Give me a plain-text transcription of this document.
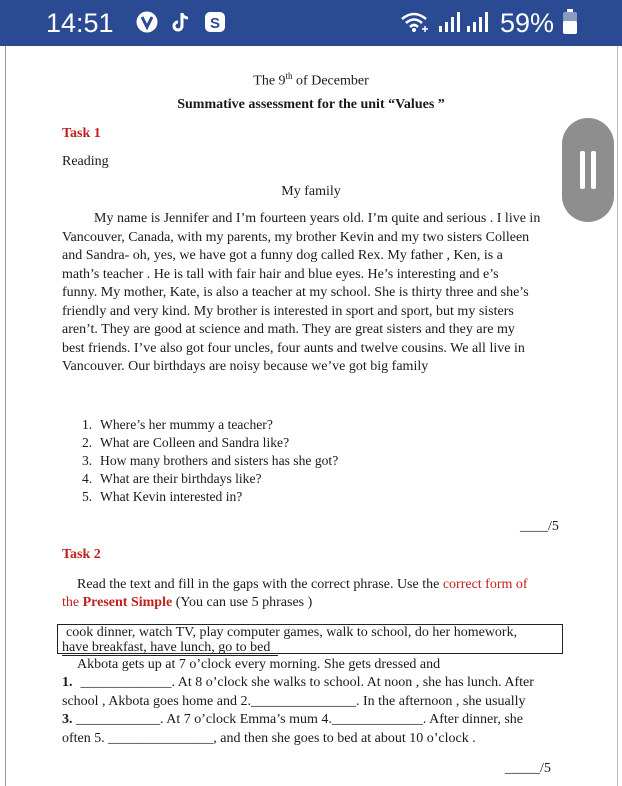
14:51	S	59%
The 9th of December
Summative assessment for the unit “Values ”
Task 1
Reading
My family
My name is Jennifer and I’m fourteen years old. I’m quite and serious . I live in
Vancouver, Canada, with my parents, my brother Kevin and my two sisters Colleen
and Sandra- oh, yes, we have got a funny dog called Rex. My father , Ken, is a
math’s teacher . He is tall with fair hair and blue eyes. He’s interesting and e’s
funny. My mother, Kate, is also a teacher at my school. She is thirty three and she’s
friendly and very kind. My brother is interested in sport and sport, but my sisters
aren’t. They are good at science and math. They are great sisters and they are my
best friends. I’ve also got four uncles, four aunts and twelve cousins. We all live in
Vancouver. Our birthdays are noisy because we’ve got big family
1. Where’s her mummy a teacher?
2. What are Colleen and Sandra like?
3. How many brothers and sisters has she got?
4. What are their birthdays like?
5. What Kevin interested in?
____/5
Task 2
Read the text and fill in the gaps with the correct phrase. Use the correct form of
the Present Simple (You can use 5 phrases )
cook dinner, watch TV, play computer games, walk to school, do her homework,
have breakfast, have lunch, go to bed
Akbota gets up at 7 o’clock every morning. She gets dressed and
1. _____________. At 8 o’clock she walks to school. At noon , she has lunch. After
school , Akbota goes home and 2._______________. In the afternoon , she usually
3. ____________. At 7 o’clock Emma’s mum 4._____________. After dinner, she
often 5. _______________, and then she goes to bed at about 10 o’clock .
_____/5
